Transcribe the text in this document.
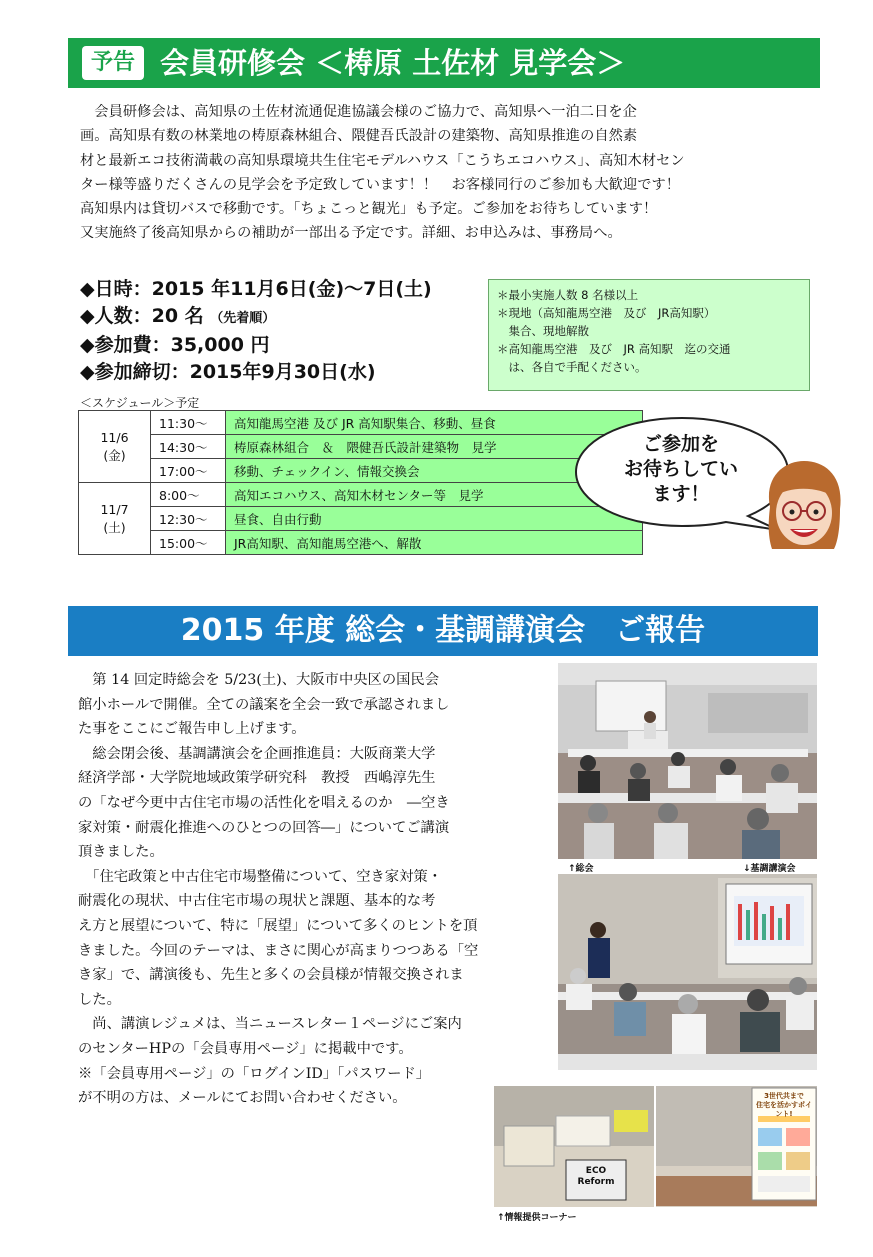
予告 会員研修会 ＜梼原 土佐材 見学会＞
　会員研修会は、高知県の土佐材流通促進協議会様のご協力で、高知県へ一泊二日を企
画。高知県有数の林業地の梼原森林組合、隈健吾氏設計の建築物、高知県推進の自然素
材と最新エコ技術満載の高知県環境共生住宅モデルハウス「こうちエコハウス」、高知木材セン
ター様等盛りだくさんの見学会を予定致しています！！　お客様同行のご参加も大歓迎です！
高知県内は貸切バスで移動です。「ちょこっと観光」も予定。ご参加をお待ちしています！
又実施終了後高知県からの補助が一部出る予定です。詳細、お申込みは、事務局へ。
◆日時：2015 年11月6日(金)～7日(土)
◆人数：20 名 （先着順）
◆参加費：35,000 円
◆参加締切：2015年9月30日(水)
＊最小実施人数 8 名様以上
＊現地（高知龍馬空港　及び　JR高知駅）
　集合、現地解散
＊高知龍馬空港　及び　JR 高知駅　迄の交通
　は、各自で手配ください。
＜スケジュール＞予定
11/6
(金)	11:30～	高知龍馬空港 及び JR 高知駅集合、移動、昼食
	14:30～	梼原森林組合　＆　隈健吾氏設計建築物　見学
	17:00～	移動、チェックイン、情報交換会

11/7
(土)	8:00～	高知エコハウス、高知木材センター等　見学
	12:30～	昼食、自由行動
	15:00～	JR高知駅、高知龍馬空港へ、解散
ご参加を
お待ちしてい
ます！
2015 年度 総会・基調講演会　ご報告
　第 14 回定時総会を 5/23(土)、大阪市中央区の国民会
館小ホールで開催。全ての議案を全会一致で承認されまし
た事をここにご報告申し上げます。
　総会閉会後、基調講演会を企画推進員：大阪商業大学
経済学部・大学院地域政策学研究科　教授　西嶋淳先生
の「なぜ今更中古住宅市場の活性化を唱えるのか　―空き
家対策・耐震化推進へのひとつの回答―」についてご講演
頂きました。
　「住宅政策と中古住宅市場整備について、空き家対策・
耐震化の現状、中古住宅市場の現状と課題、基本的な考
え方と展望について、特に「展望」について多くのヒントを頂
きました。今回のテーマは、まさに関心が高まりつつある「空
き家」で、講演後も、先生と多くの会員様が情報交換されま
した。
　尚、講演レジュメは、当ニュースレター１ページにご案内
のセンターHPの「会員専用ページ」に掲載中です。
※「会員専用ページ」の「ログインID」「パスワード」
が不明の方は、メールにてお問い合わせください。
↑総会	↓基調講演会
ECO
Reform
3世代共まで
住宅を活かすポイント!
↑情報提供コーナー
